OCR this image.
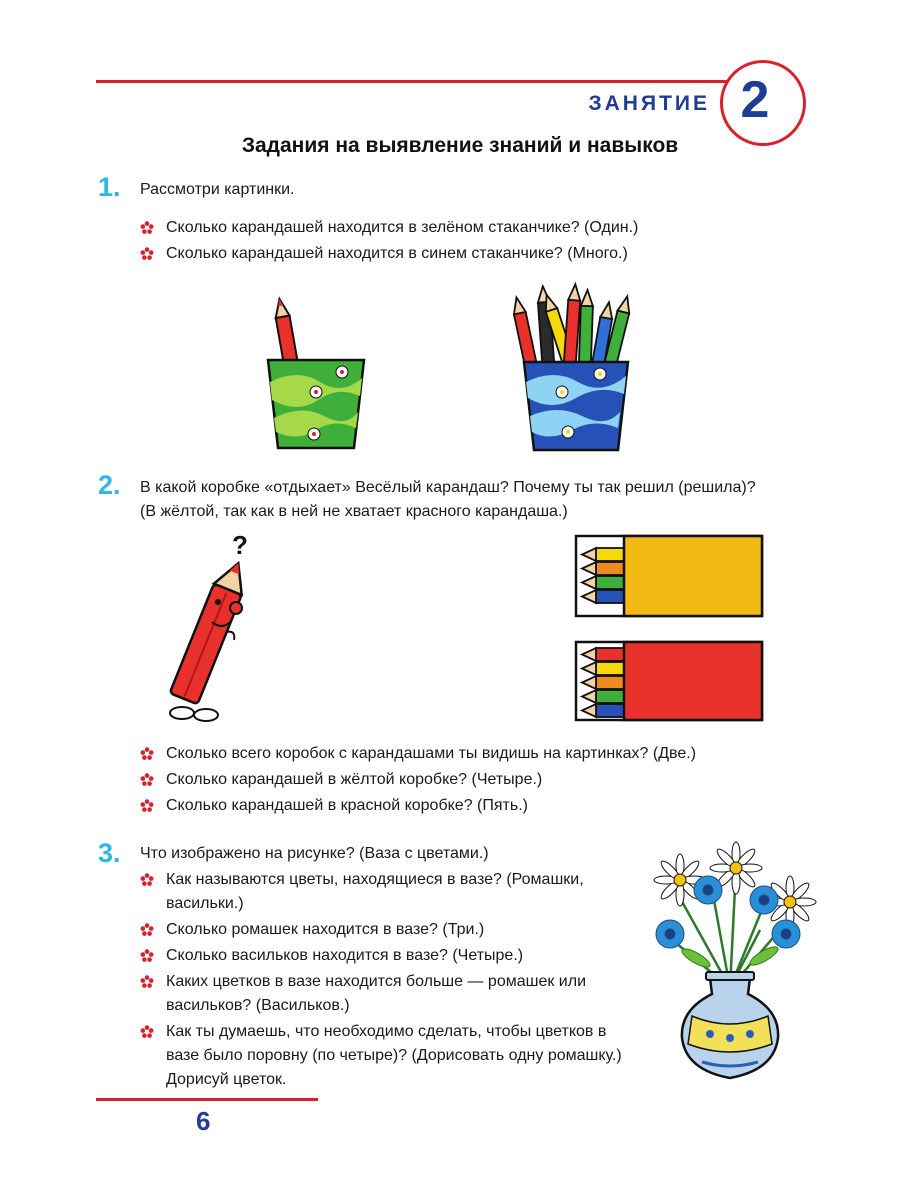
ЗАНЯТИЕ 2
Задания на выявление знаний и навыков
1. Рассмотри картинки.
Сколько карандашей находится в зелёном стаканчике? (Один.)
Сколько карандашей находится в синем стаканчике? (Много.)
2. В какой коробке «отдыхает» Весёлый карандаш? Почему ты так решил (решила)?
(В жёлтой, так как в ней не хватает красного карандаша.)
?
Сколько всего коробок с карандашами ты видишь на картинках? (Две.)
Сколько карандашей в жёлтой коробке? (Четыре.)
Сколько карандашей в красной коробке? (Пять.)
3. Что изображено на рисунке? (Ваза с цветами.)
Как называются цветы, находящиеся в вазе? (Ромашки, васильки.)
Сколько ромашек находится в вазе? (Три.)
Сколько васильков находится в вазе? (Четыре.)
Каких цветков в вазе находится больше — ромашек или васильков? (Васильков.)
Как ты думаешь, что необходимо сделать, чтобы цветков в вазе было поровну (по четыре)? (Дорисовать одну ромашку.) Дорисуй цветок.
6
